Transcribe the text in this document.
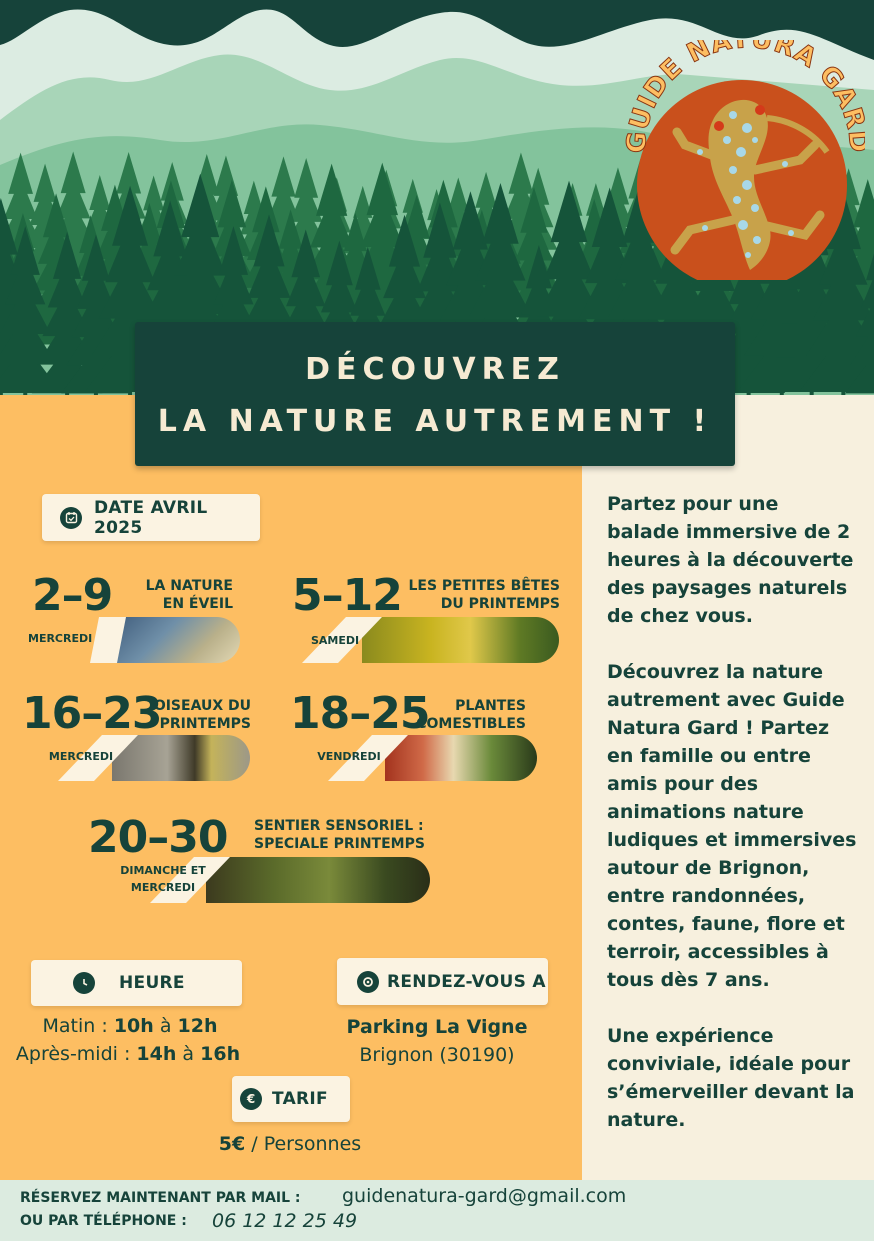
GUIDE NA URA GA
DÉCOUVREZ
LA NATURE AUTREMENT !
DATE AVRIL 2025
2–9 LA NATURE
EN ÉVEIL
MERCREDI
5–12 LES PETITES BÊTES
DU PRINTEMPS
SAMEDI
16–23
OISEAUX DU
PRINTEMPS
MERCREDI
18–25	PLANTES
COMESTIBLES
VENDREDI
20–30 SENTIER SENSORIEL :
SPECIALE PRINTEMPS
DIMANCHE ET
MERCREDI
HEURE
Matin : 10h à 12h
Après-midi : 14h à 16h
RENDEZ-VOUS A
Parking La Vigne
Brignon (30190)
€ TARIF
5€ / Personnes

Partez pour une balade immersive de 2 heures à la découverte des paysages naturels de chez vous.

Découvrez la nature autrement avec Guide Natura Gard ! Partez en famille ou entre amis pour des animations nature ludiques et immersives autour de Brignon, entre randonnées, contes, faune, flore et terroir, accessibles à tous dès 7 ans.

Une expérience conviviale, idéale pour s’émerveiller devant la nature.

RÉSERVEZ MAINTENANT PAR MAIL : guidenatura-gard@gmail.com
OU PAR TÉLÉPHONE : 06 12 12 25 49
